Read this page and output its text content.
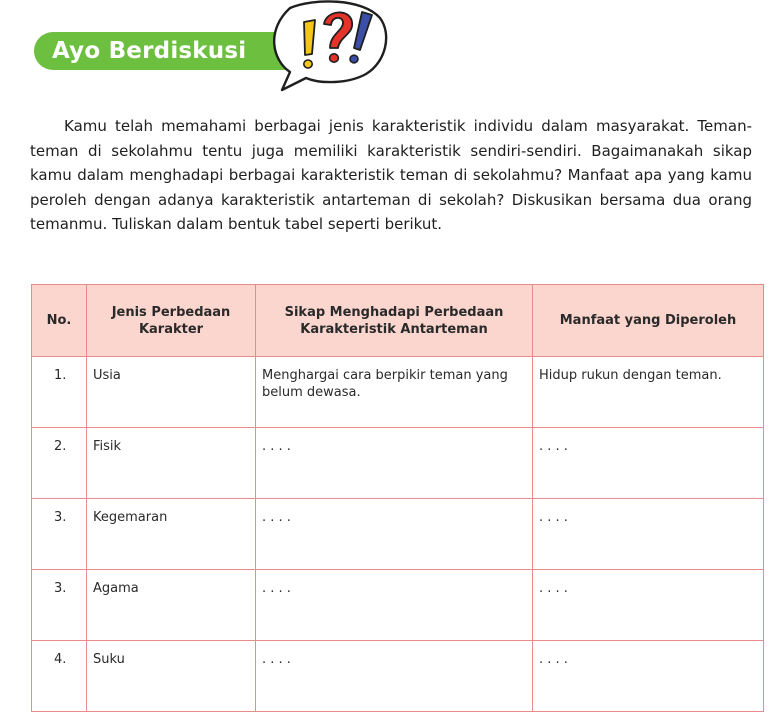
Ayo Berdiskusi

Kamu telah memahami berbagai jenis karakteristik individu dalam masyarakat. Teman-teman di sekolahmu tentu juga memiliki karakteristik sendiri-sendiri. Bagaimanakah sikap kamu dalam menghadapi berbagai karakteristik teman di sekolahmu? Manfaat apa yang kamu peroleh dengan adanya karakteristik antarteman di sekolah? Diskusikan bersama dua orang temanmu. Tuliskan dalam bentuk tabel seperti berikut.

No.	Jenis Perbedaan Karakter	Sikap Menghadapi Perbedaan Karakteristik Antarteman	Manfaat yang Diperoleh
1.	Usia	Menghargai cara berpikir teman yang belum dewasa.	Hidup rukun dengan teman.
2.	Fisik	. . . .	. . . .
3.	Kegemaran	. . . .	. . . .
3.	Agama	. . . .	. . . .
4.	Suku	. . . .	. . . .
